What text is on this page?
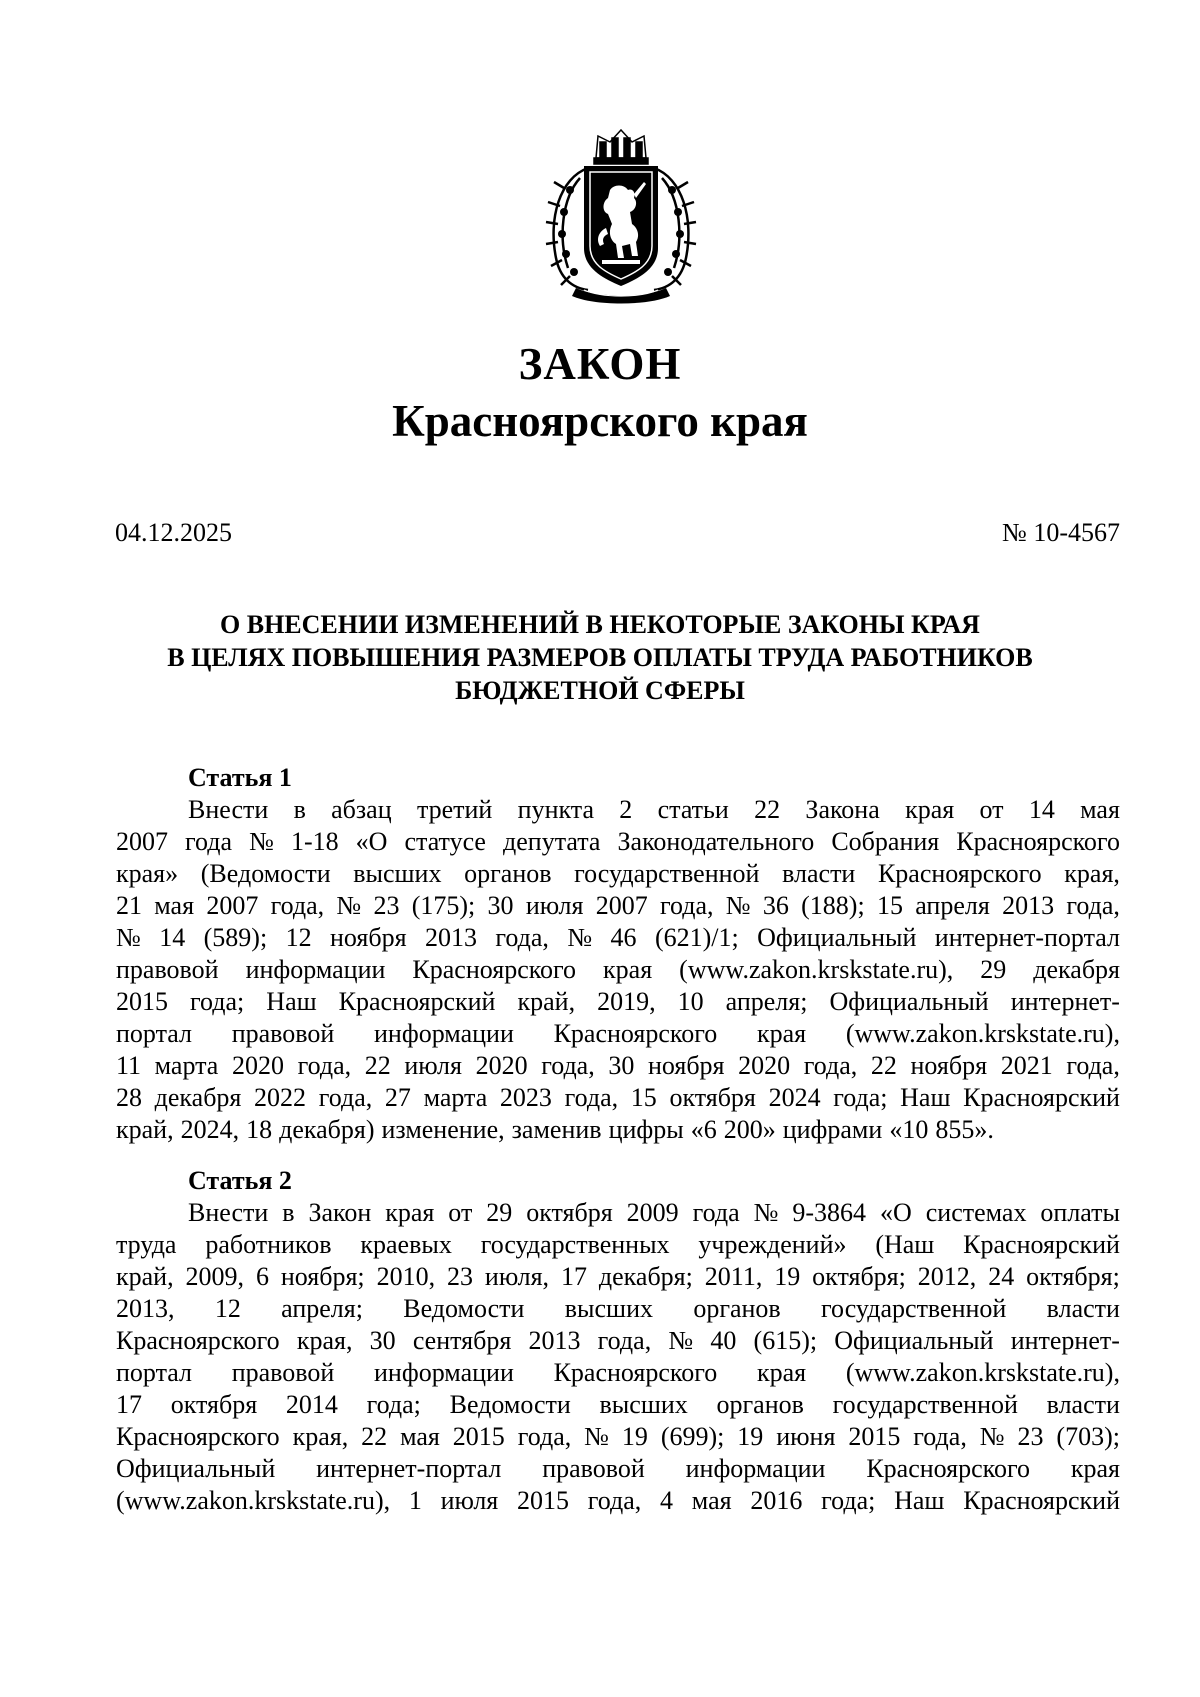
ЗАКОН
Красноярского края
04.12.2025	№ 10-4567
О ВНЕСЕНИИ ИЗМЕНЕНИЙ В НЕКОТОРЫЕ ЗАКОНЫ КРАЯ
В ЦЕЛЯХ ПОВЫШЕНИЯ РАЗМЕРОВ ОПЛАТЫ ТРУДА РАБОТНИКОВ
БЮДЖЕТНОЙ СФЕРЫ
Статья 1
Внести в абзац третий пункта 2 статьи 22 Закона края от 14 мая
2007 года № 1-18 «О статусе депутата Законодательного Собрания Красноярского
края» (Ведомости высших органов государственной власти Красноярского края,
21 мая 2007 года, № 23 (175); 30 июля 2007 года, № 36 (188); 15 апреля 2013 года,
№ 14 (589); 12 ноября 2013 года, № 46 (621)/1; Официальный интернет-портал
правовой информации Красноярского края (www.zakon.krskstate.ru), 29 декабря
2015 года; Наш Красноярский край, 2019, 10 апреля; Официальный интернет-
портал правовой информации Красноярского края (www.zakon.krskstate.ru),
11 марта 2020 года, 22 июля 2020 года, 30 ноября 2020 года, 22 ноября 2021 года,
28 декабря 2022 года, 27 марта 2023 года, 15 октября 2024 года; Наш Красноярский
край, 2024, 18 декабря) изменение, заменив цифры «6 200» цифрами «10 855».
Статья 2
Внести в Закон края от 29 октября 2009 года № 9-3864 «О системах оплаты
труда работников краевых государственных учреждений» (Наш Красноярский
край, 2009, 6 ноября; 2010, 23 июля, 17 декабря; 2011, 19 октября; 2012, 24 октября;
2013, 12 апреля; Ведомости высших органов государственной власти
Красноярского края, 30 сентября 2013 года, № 40 (615); Официальный интернет-
портал правовой информации Красноярского края (www.zakon.krskstate.ru),
17 октября 2014 года; Ведомости высших органов государственной власти
Красноярского края, 22 мая 2015 года, № 19 (699); 19 июня 2015 года, № 23 (703);
Официальный интернет-портал правовой информации Красноярского края
(www.zakon.krskstate.ru), 1 июля 2015 года, 4 мая 2016 года; Наш Красноярский
